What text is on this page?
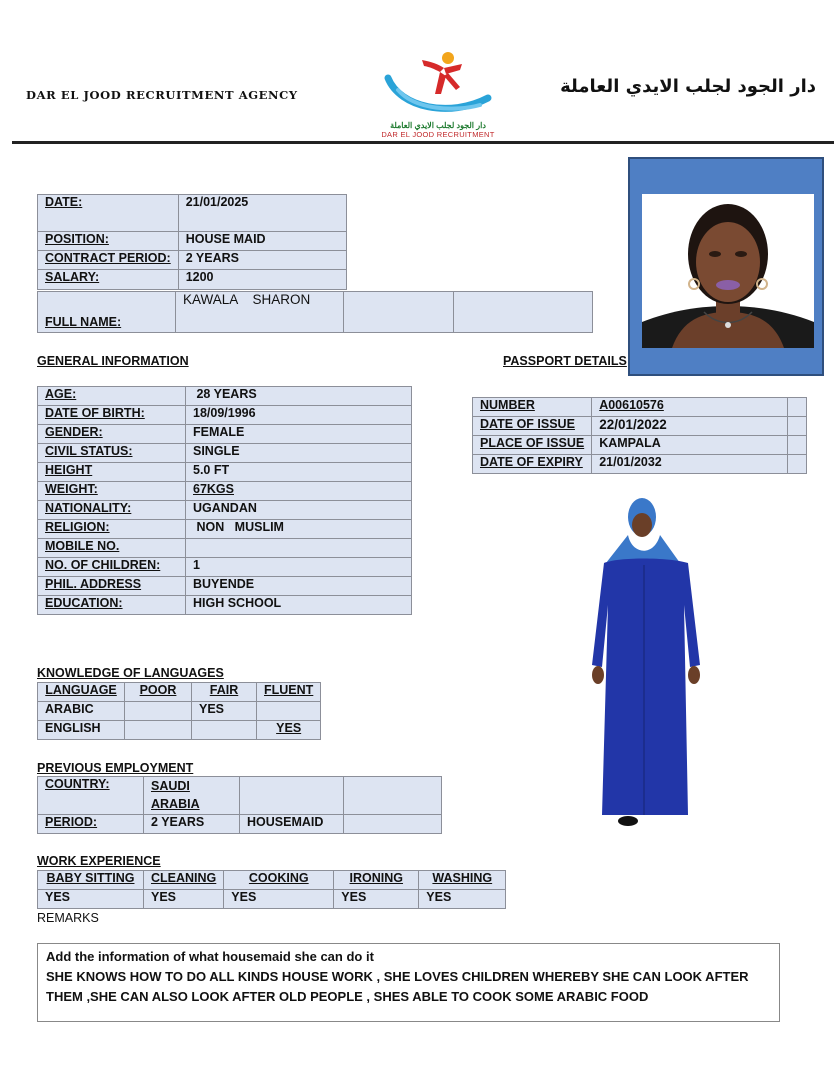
DAR EL JOOD RECRUITMENT AGENCY
دار الجود لجلب الايدي العاملة
DAR EL JOOD RECRUITMENT
دار الجود لجلب الايدي العاملة
DATE:	21/01/2025
POSITION:	HOUSE MAID
CONTRACT PERIOD:	2 YEARS
SALARY:	1200
FULL NAME:	KAWALA    SHARON		
GENERAL INFORMATION	PASSPORT DETAILS
AGE:	28 YEARS
DATE OF BIRTH:	18/09/1996
GENDER:	FEMALE
CIVIL STATUS:	SINGLE
HEIGHT	5.0 FT
WEIGHT:	67KGS
NATIONALITY:	UGANDAN
RELIGION:	NON   MUSLIM
MOBILE NO.	
NO. OF CHILDREN:	1
PHIL. ADDRESS	BUYENDE
EDUCATION:	HIGH SCHOOL
NUMBER	A00610576	
DATE OF ISSUE	22/01/2022	
PLACE OF ISSUE	KAMPALA	
DATE OF EXPIRY	21/01/2032	
KNOWLEDGE OF LANGUAGES
LANGUAGE	POOR	FAIR	FLUENT
ARABIC		YES	
ENGLISH			YES
PREVIOUS EMPLOYMENT
COUNTRY:	SAUDI
ARABIA		
PERIOD:	2 YEARS	HOUSEMAID	
WORK EXPERIENCE
BABY SITTING	CLEANING	COOKING	IRONING	WASHING
YES	YES	YES	YES	YES
REMARKS
Add the information of what housemaid she can do it
SHE KNOWS HOW TO DO ALL KINDS HOUSE WORK , SHE LOVES CHILDREN WHEREBY SHE CAN LOOK AFTER
THEM ,SHE CAN ALSO LOOK AFTER OLD PEOPLE , SHES ABLE TO COOK SOME ARABIC FOOD
